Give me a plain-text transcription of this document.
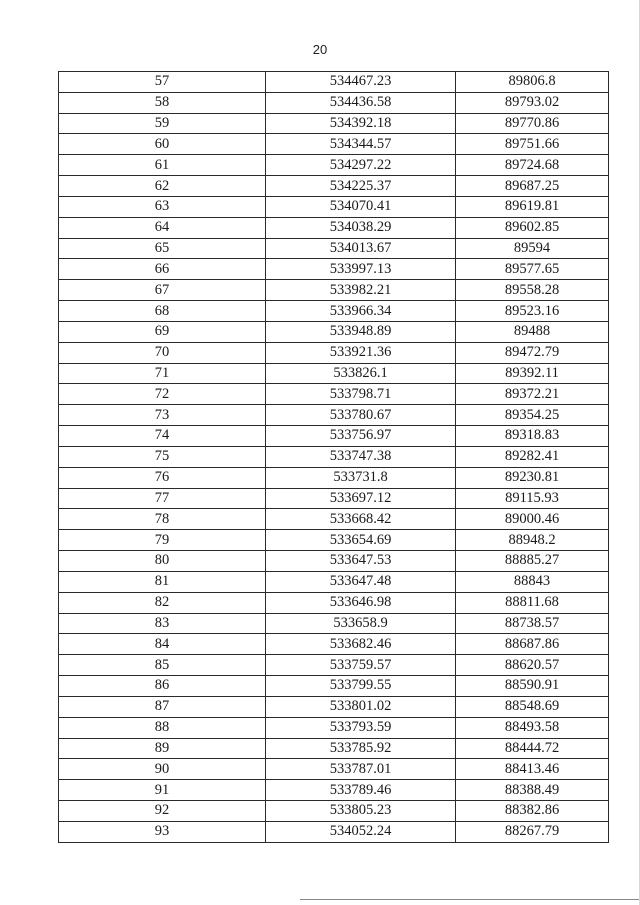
20
57	534467.23	89806.8
58	534436.58	89793.02
59	534392.18	89770.86
60	534344.57	89751.66
61	534297.22	89724.68
62	534225.37	89687.25
63	534070.41	89619.81
64	534038.29	89602.85
65	534013.67	89594
66	533997.13	89577.65
67	533982.21	89558.28
68	533966.34	89523.16
69	533948.89	89488
70	533921.36	89472.79
71	533826.1	89392.11
72	533798.71	89372.21
73	533780.67	89354.25
74	533756.97	89318.83
75	533747.38	89282.41
76	533731.8	89230.81
77	533697.12	89115.93
78	533668.42	89000.46
79	533654.69	88948.2
80	533647.53	88885.27
81	533647.48	88843
82	533646.98	88811.68
83	533658.9	88738.57
84	533682.46	88687.86
85	533759.57	88620.57
86	533799.55	88590.91
87	533801.02	88548.69
88	533793.59	88493.58
89	533785.92	88444.72
90	533787.01	88413.46
91	533789.46	88388.49
92	533805.23	88382.86
93	534052.24	88267.79
